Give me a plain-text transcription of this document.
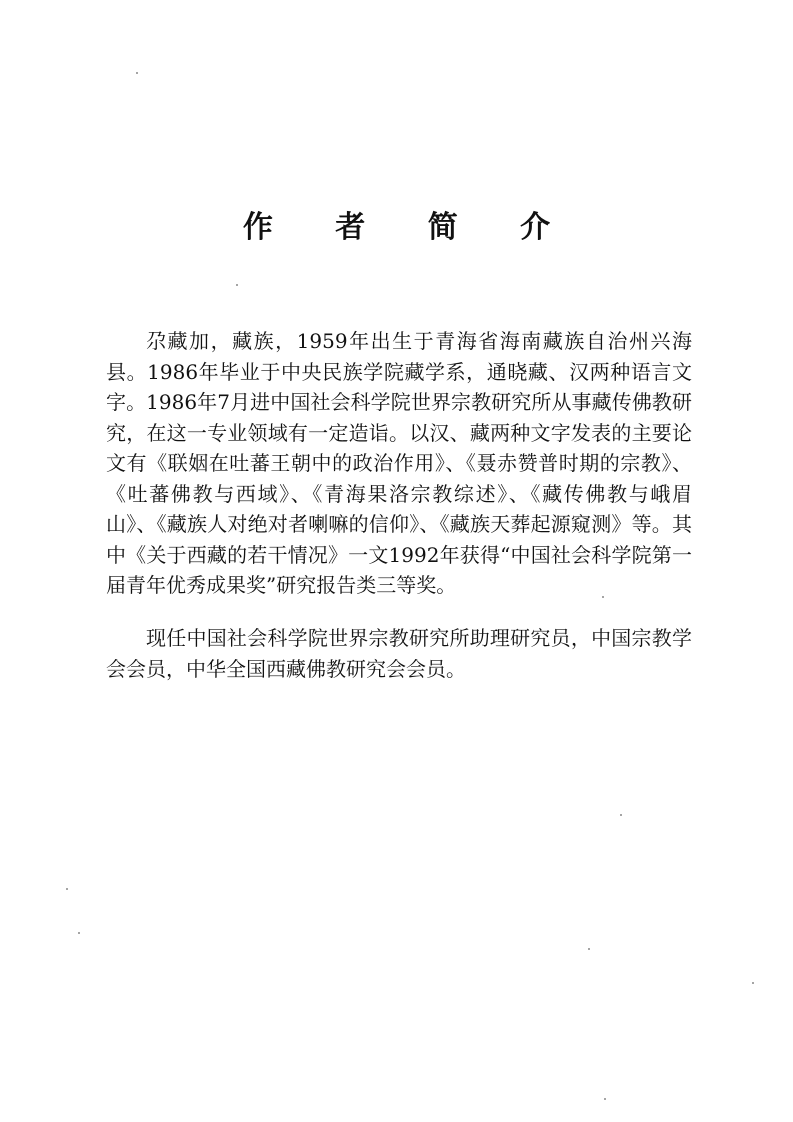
作 者 简 介

尕藏加，藏族，1959年出生于青海省海南藏族自治州兴海县。1986年毕业于中央民族学院藏学系，通晓藏、汉两种语言文字。1986年7月进中国社会科学院世界宗教研究所从事藏传佛教研究，在这一专业领域有一定造诣。以汉、藏两种文字发表的主要论文有《联姻在吐蕃王朝中的政治作用》、《聂赤赞普时期的宗教》、《吐蕃佛教与西域》、《青海果洛宗教综述》、《藏传佛教与峨眉山》、《藏族人对绝对者喇嘛的信仰》、《藏族天葬起源窥测》等。其中《关于西藏的若干情况》一文1992年获得“中国社会科学院第一届青年优秀成果奖”研究报告类三等奖。

现任中国社会科学院世界宗教研究所助理研究员，中国宗教学会会员，中华全国西藏佛教研究会会员。
